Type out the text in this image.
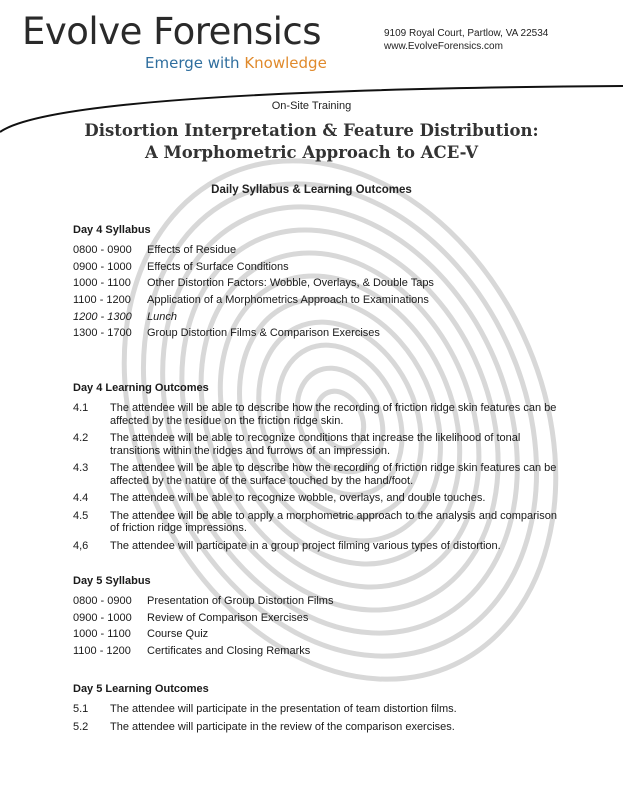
Evolve Forensics
Emerge with Knowledge
9109 Royal Court, Partlow, VA 22534
www.EvolveForensics.com
On-Site Training
Distortion Interpretation & Feature Distribution:
A Morphometric Approach to ACE-V
Daily Syllabus & Learning Outcomes
Day 4 Syllabus
0800 - 0900	Effects of Residue
0900 - 1000	Effects of Surface Conditions
1000 - 1100	Other Distortion Factors: Wobble, Overlays, & Double Taps
1100 - 1200	Application of a Morphometrics Approach to Examinations
1200 - 1300	Lunch
1300 - 1700	Group Distortion Films & Comparison Exercises
Day 4 Learning Outcomes
4.1	The attendee will be able to describe how the recording of friction ridge skin features can be affected by the residue on the friction ridge skin.
4.2	The attendee will be able to recognize conditions that increase the likelihood of tonal transitions within the ridges and furrows of an impression.
4.3	The attendee will be able to describe how the recording of friction ridge skin features can be affected by the nature of the surface touched by the hand/foot.
4.4	The attendee will be able to recognize wobble, overlays, and double touches.
4.5	The attendee will be able to apply a morphometric approach to the analysis and comparison of friction ridge impressions.
4,6	The attendee will participate in a group project filming various types of distortion.
Day 5 Syllabus
0800 - 0900	Presentation of Group Distortion Films
0900 - 1000	Review of Comparison Exercises
1000 - 1100	Course Quiz
1100 - 1200	Certificates and Closing Remarks
Day 5 Learning Outcomes
5.1	The attendee will participate in the presentation of team distortion films.
5.2	The attendee will participate in the review of the comparison exercises.
